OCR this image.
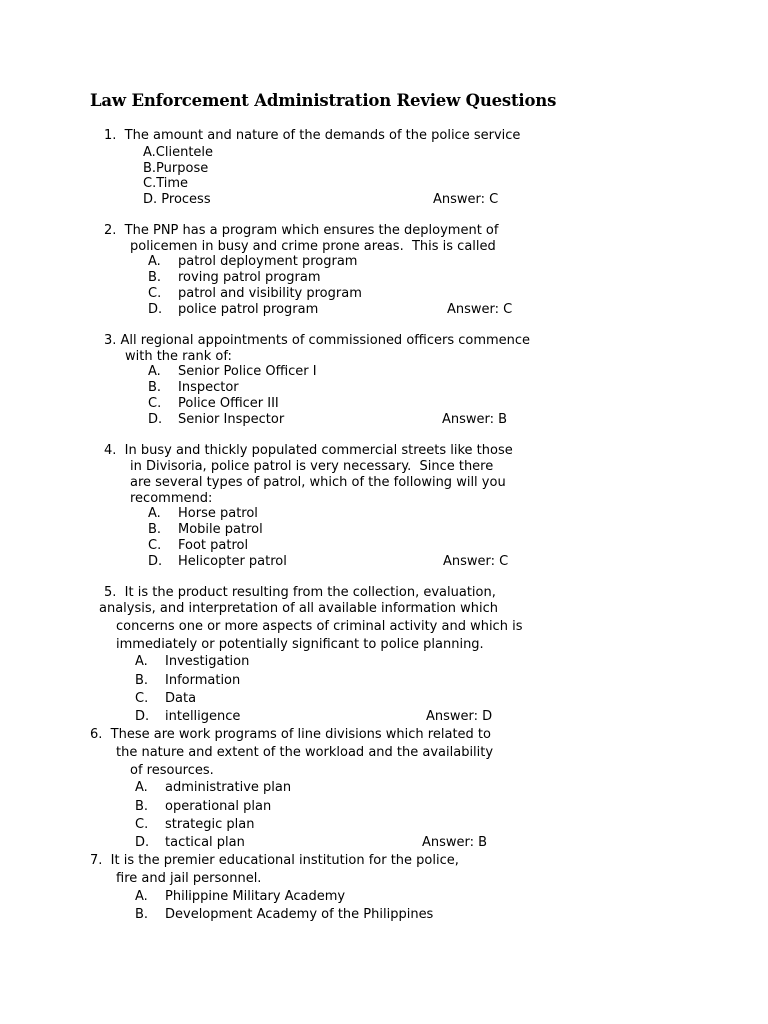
Law Enforcement Administration Review Questions
1.  The amount and nature of the demands of the police service
A.Clientele
B.Purpose
C.Time
D. Process	Answer: C
2.  The PNP has a program which ensures the deployment of
policemen in busy and crime prone areas.  This is called
A. patrol deployment program
B. roving patrol program
C. patrol and visibility program
D. police patrol program	Answer: C
3. All regional appointments of commissioned officers commence
with the rank of:
A. Senior Police Officer I
B. Inspector
C. Police Officer III
D. Senior Inspector	Answer: B
4.  In busy and thickly populated commercial streets like those
in Divisoria, police patrol is very necessary.  Since there
are several types of patrol, which of the following will you
recommend:
A. Horse patrol
B. Mobile patrol
C. Foot patrol
D. Helicopter patrol	Answer: C
5.  It is the product resulting from the collection, evaluation,
analysis, and interpretation of all available information which
concerns one or more aspects of criminal activity and which is
immediately or potentially significant to police planning.
A. Investigation
B. Information
C. Data
D. intelligence	Answer: D
6.  These are work programs of line divisions which related to
the nature and extent of the workload and the availability
of resources.
A. administrative plan
B. operational plan
C. strategic plan
D. tactical plan	Answer: B
7.  It is the premier educational institution for the police,
fire and jail personnel.
A. Philippine Military Academy
B. Development Academy of the Philippines
